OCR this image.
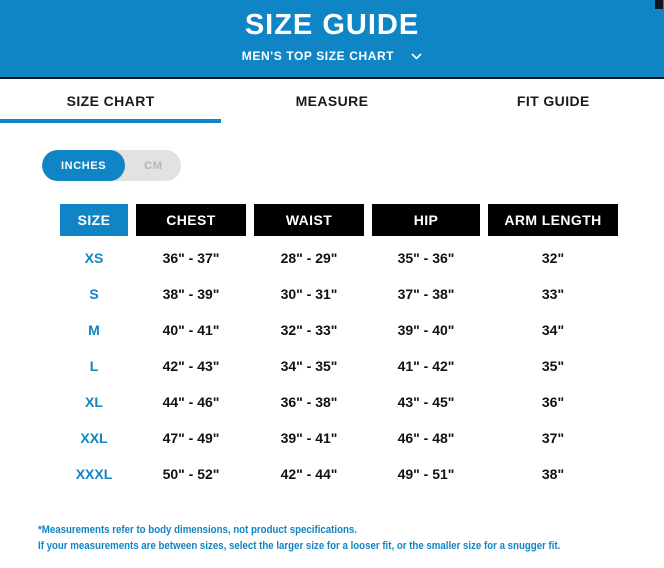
SIZE GUIDE
MEN'S TOP SIZE CHART
SIZE CHART	MEASURE	FIT GUIDE
INCHES	CM
SIZE	CHEST	WAIST	HIP	ARM LENGTH
XS	36" - 37"	28" - 29"	35" - 36"	32"
S	38" - 39"	30" - 31"	37" - 38"	33"
M	40" - 41"	32" - 33"	39" - 40"	34"
L	42" - 43"	34" - 35"	41" - 42"	35"
XL	44" - 46"	36" - 38"	43" - 45"	36"
XXL	47" - 49"	39" - 41"	46" - 48"	37"
XXXL	50" - 52"	42" - 44"	49" - 51"	38"
*Measurements refer to body dimensions, not product specifications.
If your measurements are between sizes, select the larger size for a looser fit, or the smaller size for a snugger fit.
